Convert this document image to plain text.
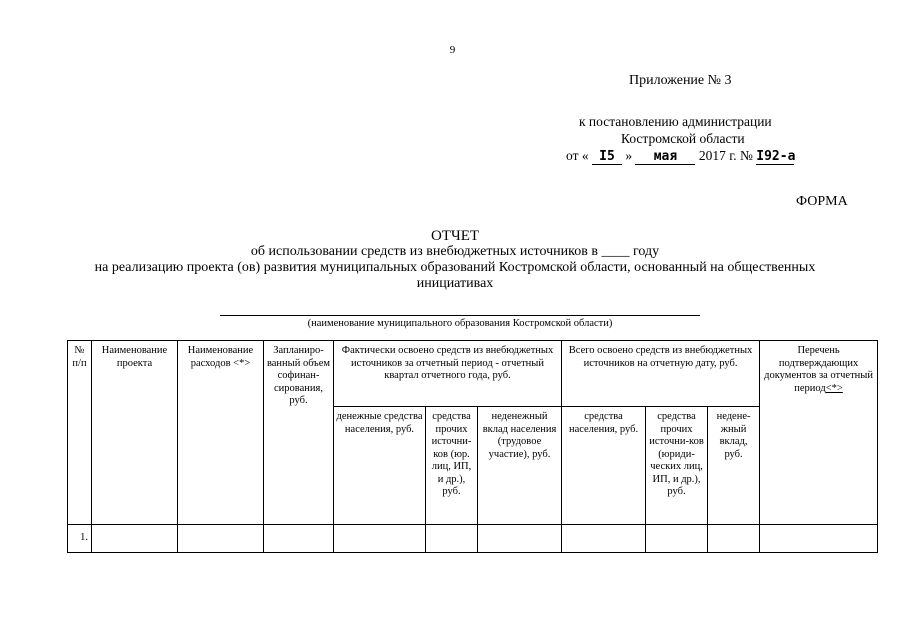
9
Приложение № 3
к постановлению администрации
Костромской области
от « I5 » мая 2017 г. № I92-а
ФОРМА
ОТЧЕТ
об использовании средств из внебюджетных источников в ____ году
на реализацию проекта (ов) развития муниципальных образований Костромской области, основанный на общественных инициативах
(наименование муниципального образования Костромской области)
№ п/п	Наименование проекта	Наименование расходов <*>	Запланиро-ванный объем софинан-сирования, руб.	Фактически освоено средств из внебюджетных источников за отчетный период - отчетный квартал отчетного года, руб.			Всего освоено средств из внебюджетных источников на отчетную дату, руб.			Перечень подтверждающих документов за отчетный период<*>
				денежные средства населения, руб.	средства прочих источни-ков (юр. лиц, ИП, и др.), руб.	неденежный вклад населения (трудовое участие), руб.	средства населения, руб.	средства прочих источни-ков (юриди-ческих лиц, ИП, и др.), руб.	недене-жный вклад, руб.	
1.										
